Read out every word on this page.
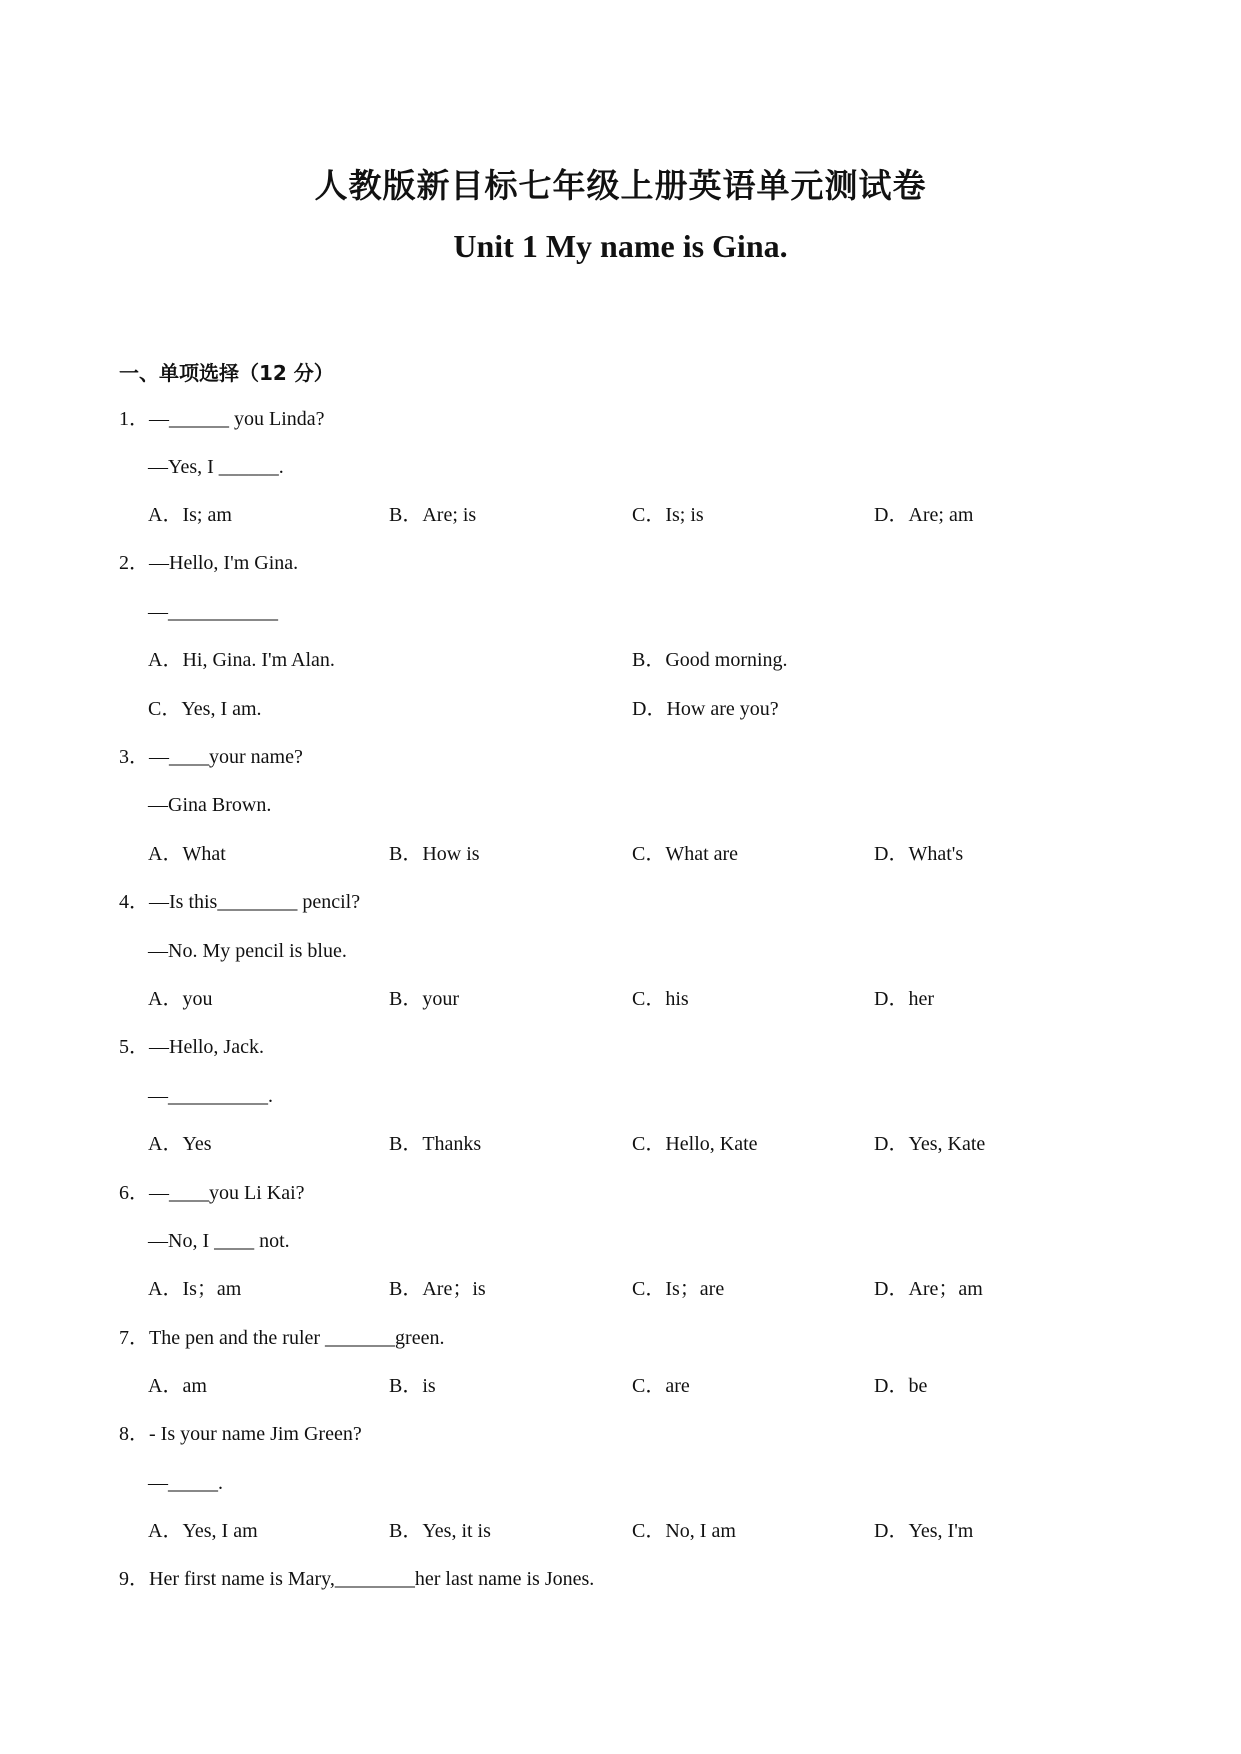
人教版新目标七年级上册英语单元测试卷
Unit 1 My name is Gina.
一、单项选择（12 分）
1．—______ you Linda?
—Yes, I ______.
A．Is; am	B．Are; is	C．Is; is	D．Are; am
2．—Hello, I'm Gina.
—___________
A．Hi, Gina. I'm Alan.	B．Good morning.
C．Yes, I am.	D．How are you?
3．—____your name?
—Gina Brown.
A．What	B．How is	C．What are	D．What's
4．—Is this________ pencil?
—No. My pencil is blue.
A．you	B．your	C．his	D．her
5．—Hello, Jack.
—__________.
A．Yes	B．Thanks	C．Hello, Kate	D．Yes, Kate
6．—____you Li Kai?
—No, I ____ not.
A．Is；am	B．Are；is	C．Is；are	D．Are；am
7．The pen and the ruler _______green.
A．am	B．is	C．are	D．be
8．- Is your name Jim Green?
—_____.
A．Yes, I am	B．Yes, it is	C．No, I am	D．Yes, I'm
9．Her first name is Mary,________her last name is Jones.
